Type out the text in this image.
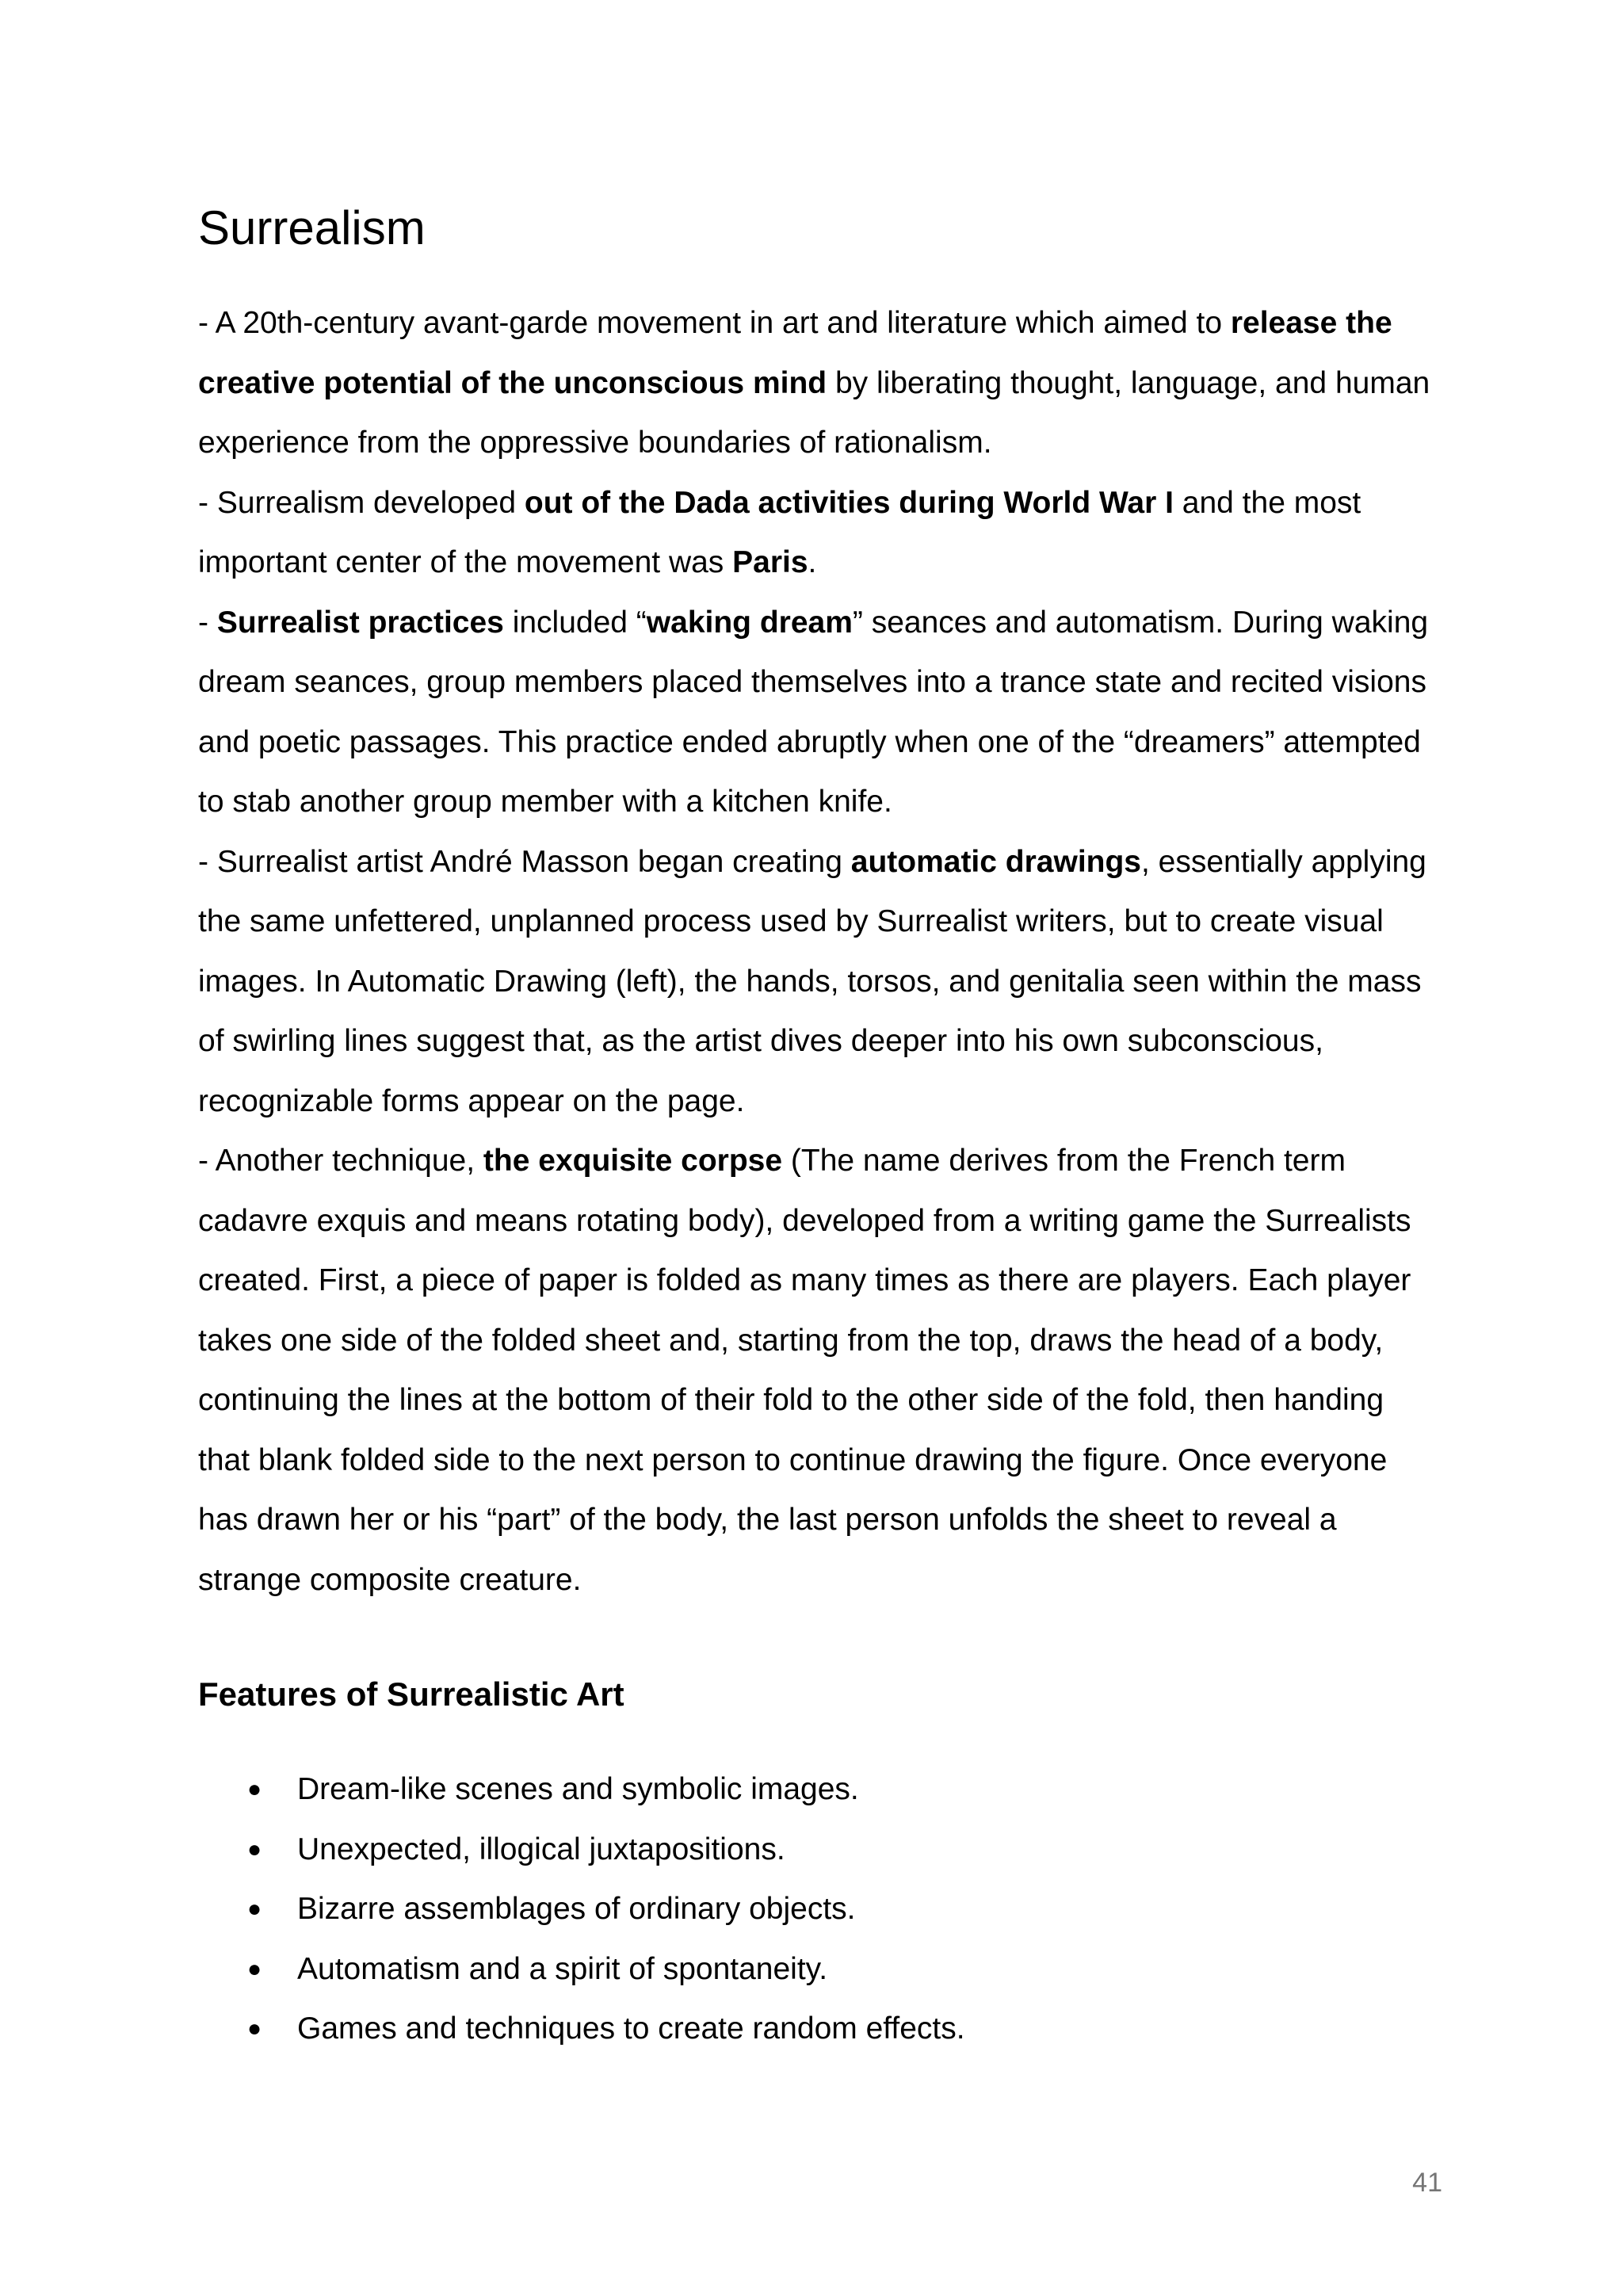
Surrealism

- A 20th-century avant-garde movement in art and literature which aimed to release the creative potential of the unconscious mind by liberating thought, language, and human experience from the oppressive boundaries of rationalism.

- Surrealism developed out of the Dada activities during World War I and the most important center of the movement was Paris.

- Surrealist practices included “waking dream” seances and automatism. During waking dream seances, group members placed themselves into a trance state and recited visions and poetic passages. This practice ended abruptly when one of the “dreamers” attempted to stab another group member with a kitchen knife.

- Surrealist artist André Masson began creating automatic drawings, essentially applying the same unfettered, unplanned process used by Surrealist writers, but to create visual images. In Automatic Drawing (left), the hands, torsos, and genitalia seen within the mass of swirling lines suggest that, as the artist dives deeper into his own subconscious, recognizable forms appear on the page.

- Another technique, the exquisite corpse (The name derives from the French term cadavre exquis and means rotating body), developed from a writing game the Surrealists created. First, a piece of paper is folded as many times as there are players. Each player takes one side of the folded sheet and, starting from the top, draws the head of a body, continuing the lines at the bottom of their fold to the other side of the fold, then handing that blank folded side to the next person to continue drawing the figure. Once everyone has drawn her or his “part” of the body, the last person unfolds the sheet to reveal a strange composite creature.

Features of Surrealistic Art
● Dream-like scenes and symbolic images.
● Unexpected, illogical juxtapositions.
● Bizarre assemblages of ordinary objects.
● Automatism and a spirit of spontaneity.
● Games and techniques to create random effects.
41
